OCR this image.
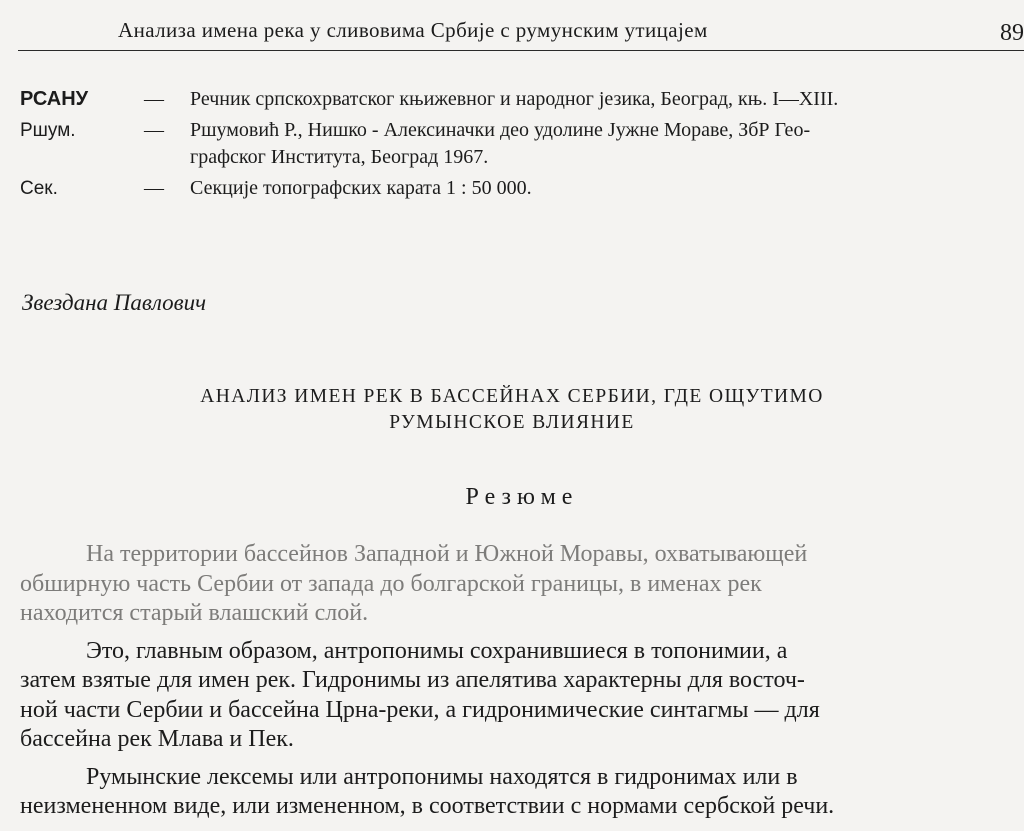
Анализа имена река у сливовима Србије с румунским утицајем	89
РСАНУ	— Речник српскохрватског књижевног и народног језика, Београд, књ. I—XIII.
Ршум.	— Ршумовић Р., Нишко - Алексиначки део удолине Јужне Мораве, ЗбР Гео-
графског Института, Београд 1967.
Сек.	— Секције топографских карата 1 : 50 000.
Звездана Павлович
АНАЛИЗ ИМЕН РЕК В БАССЕЙНАХ СЕРБИИ, ГДЕ ОЩУТИМО
РУМЫНСКОЕ ВЛИЯНИЕ
Резюме
На территории бассейнов Западной и Южной Моравы, охватывающей
обширную часть Сербии от запада до болгарской границы, в именах рек
находится старый влашский слой.
Это, главным образом, антропонимы сохранившиеся в топонимии, а
затем взятые для имен рек. Гидронимы из апелятива характерны для восточ-
ной части Сербии и бассейна Црна-реки, а гидронимические синтагмы — для
бассейна рек Млава и Пек.
Румынские лексемы или антропонимы находятся в гидронимах или в
неизмененном виде, или измененном, в соответствии с нормами сербской речи.
